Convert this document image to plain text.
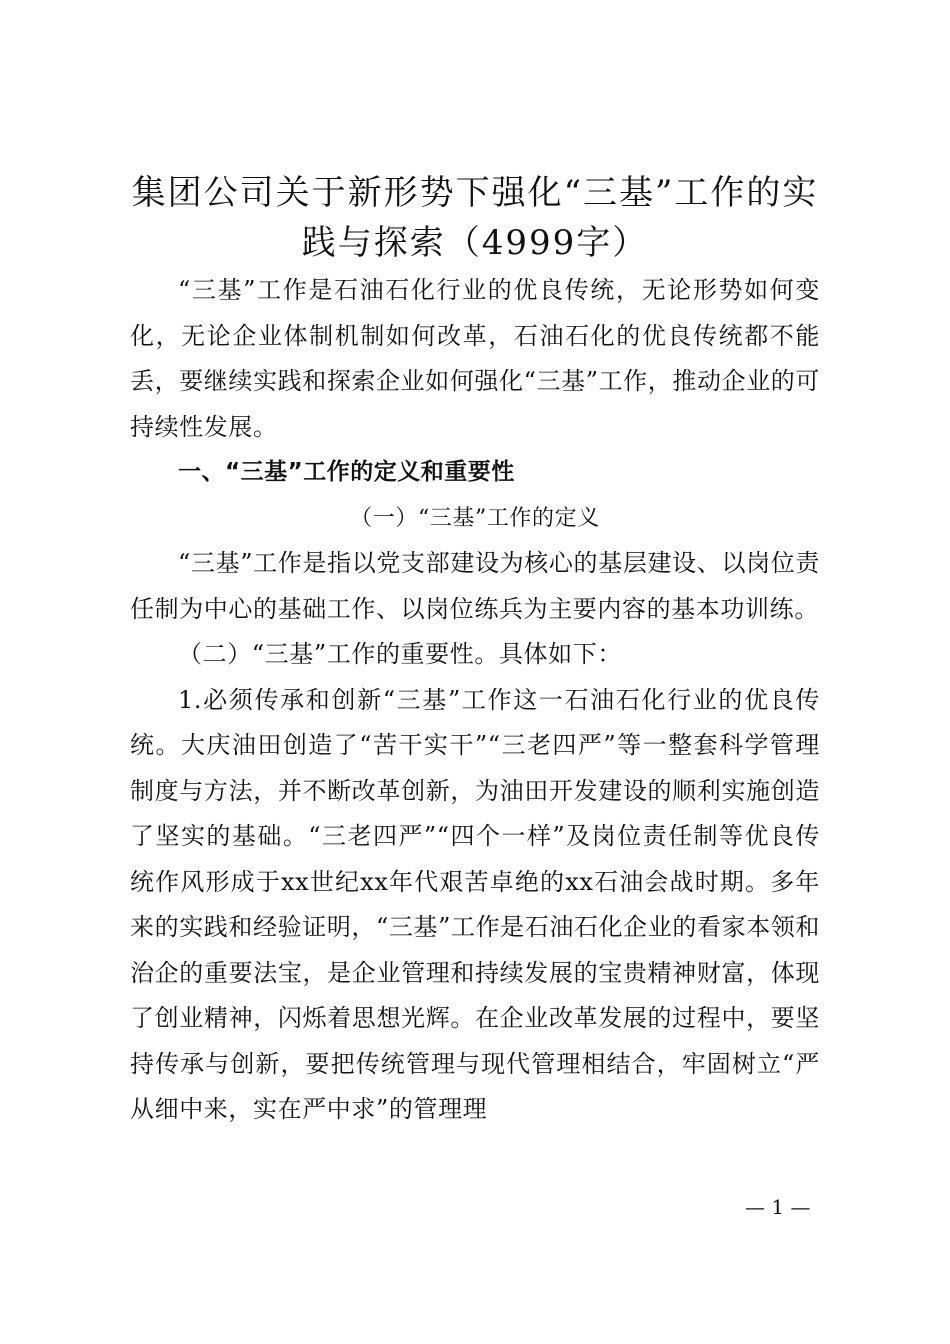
集团公司关于新形势下强化“三基”工作的实践与探索（4999字）

“三基”工作是石油石化行业的优良传统，无论形势如何变化，无论企业体制机制如何改革，石油石化的优良传统都不能丢，要继续实践和探索企业如何强化“三基”工作，推动企业的可持续性发展。

一、“三基”工作的定义和重要性

（一）“三基”工作的定义

“三基”工作是指以党支部建设为核心的基层建设、以岗位责任制为中心的基础工作、以岗位练兵为主要内容的基本功训练。

（二）“三基”工作的重要性。具体如下：

1.必须传承和创新“三基”工作这一石油石化行业的优良传统。大庆油田创造了“苦干实干”“三老四严”等一整套科学管理制度与方法，并不断改革创新，为油田开发建设的顺利实施创造了坚实的基础。“三老四严”“四个一样”及岗位责任制等优良传统作风形成于xx世纪xx年代艰苦卓绝的xx石油会战时期。多年来的实践和经验证明，“三基”工作是石油石化企业的看家本领和治企的重要法宝，是企业管理和持续发展的宝贵精神财富，体现了创业精神，闪烁着思想光辉。在企业改革发展的过程中，要坚持传承与创新，要把传统管理与现代管理相结合，牢固树立“严从细中来，实在严中求”的管理理

— 1 —
